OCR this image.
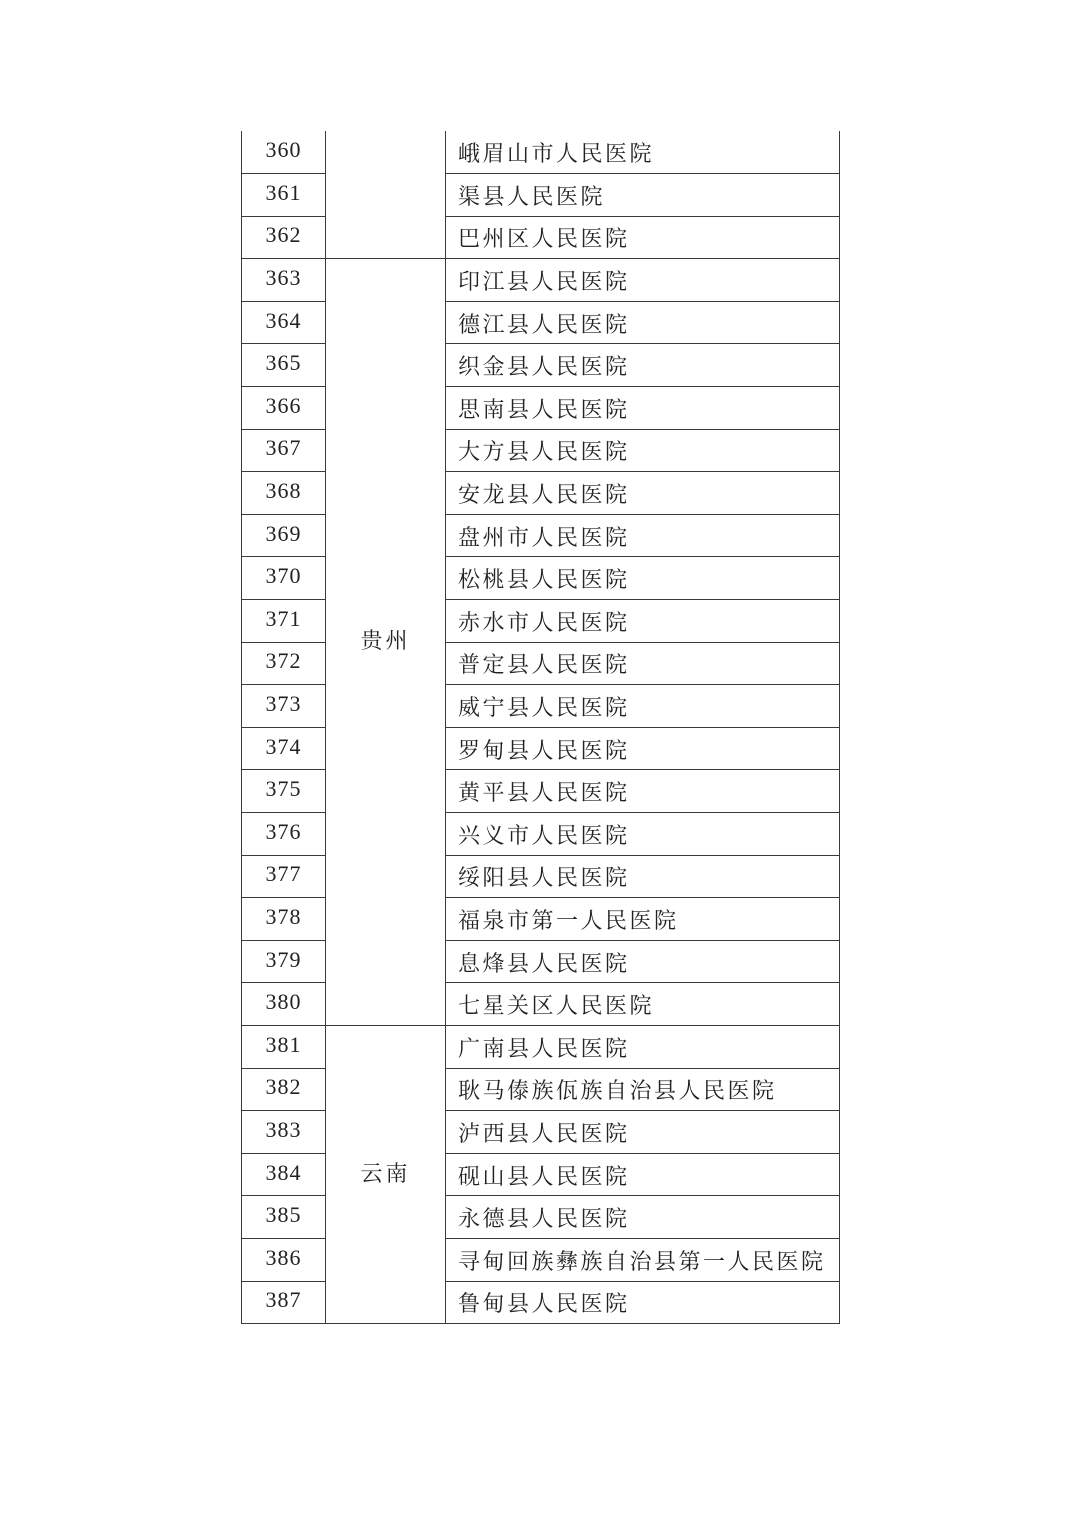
360		峨眉山市人民医院
361		渠县人民医院
362		巴州区人民医院
363	贵州	印江县人民医院
364		德江县人民医院
365		织金县人民医院
366		思南县人民医院
367		大方县人民医院
368		安龙县人民医院
369		盘州市人民医院
370		松桃县人民医院
371		赤水市人民医院
372		普定县人民医院
373		威宁县人民医院
374		罗甸县人民医院
375		黄平县人民医院
376		兴义市人民医院
377		绥阳县人民医院
378		福泉市第一人民医院
379		息烽县人民医院
380		七星关区人民医院
381	云南	广南县人民医院
382		耿马傣族佤族自治县人民医院
383		泸西县人民医院
384		砚山县人民医院
385		永德县人民医院
386		寻甸回族彝族自治县第一人民医院
387		鲁甸县人民医院
